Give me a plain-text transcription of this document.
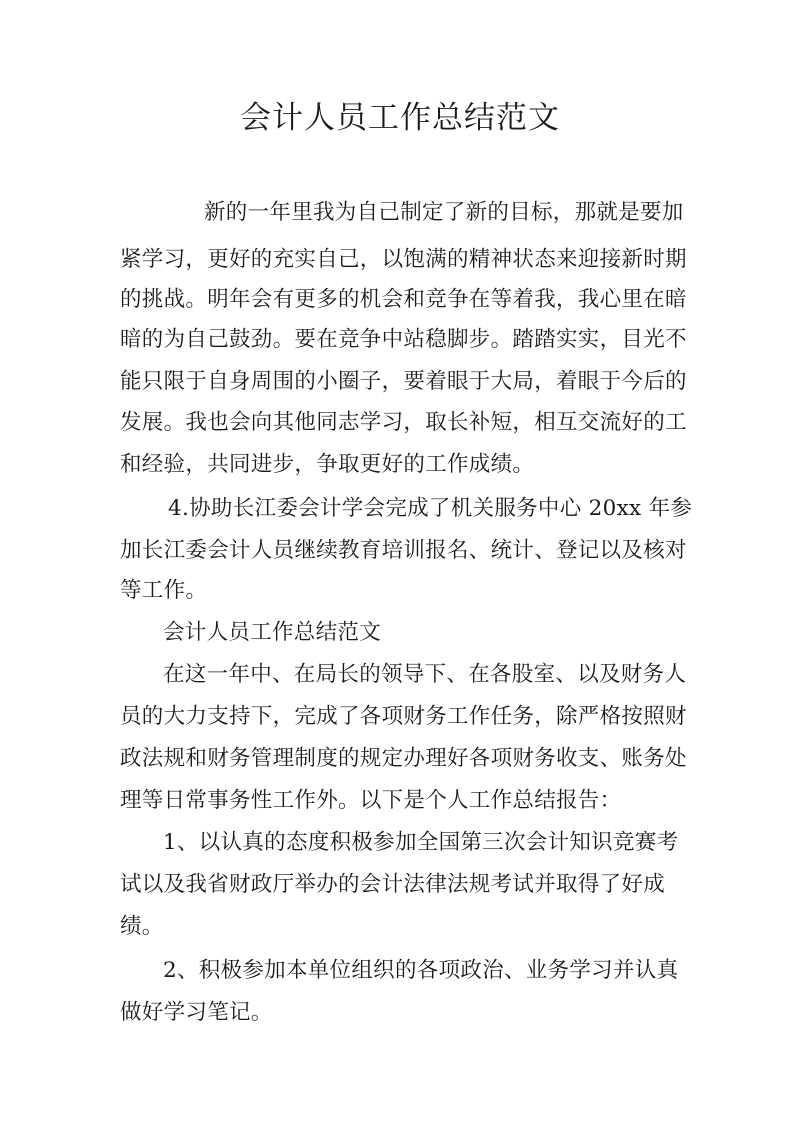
会计人员工作总结范文
新的一年里我为自己制定了新的目标，那就是要加
紧学习，更好的充实自己，以饱满的精神状态来迎接新时期
的挑战。明年会有更多的机会和竞争在等着我，我心里在暗
暗的为自己鼓劲。要在竞争中站稳脚步。踏踏实实，目光不
能只限于自身周围的小圈子，要着眼于大局，着眼于今后的
发展。我也会向其他同志学习，取长补短，相互交流好的工
和经验，共同进步，争取更好的工作成绩。
4.协助长江委会计学会完成了机关服务中心 20xx 年参
加长江委会计人员继续教育培训报名、统计、登记以及核对
等工作。
会计人员工作总结范文
在这一年中、在局长的领导下、在各股室、以及财务人
员的大力支持下，完成了各项财务工作任务，除严格按照财
政法规和财务管理制度的规定办理好各项财务收支、账务处
理等日常事务性工作外。以下是个人工作总结报告：
1、以认真的态度积极参加全国第三次会计知识竞赛考
试以及我省财政厅举办的会计法律法规考试并取得了好成
绩。
2、积极参加本单位组织的各项政治、业务学习并认真
做好学习笔记。
